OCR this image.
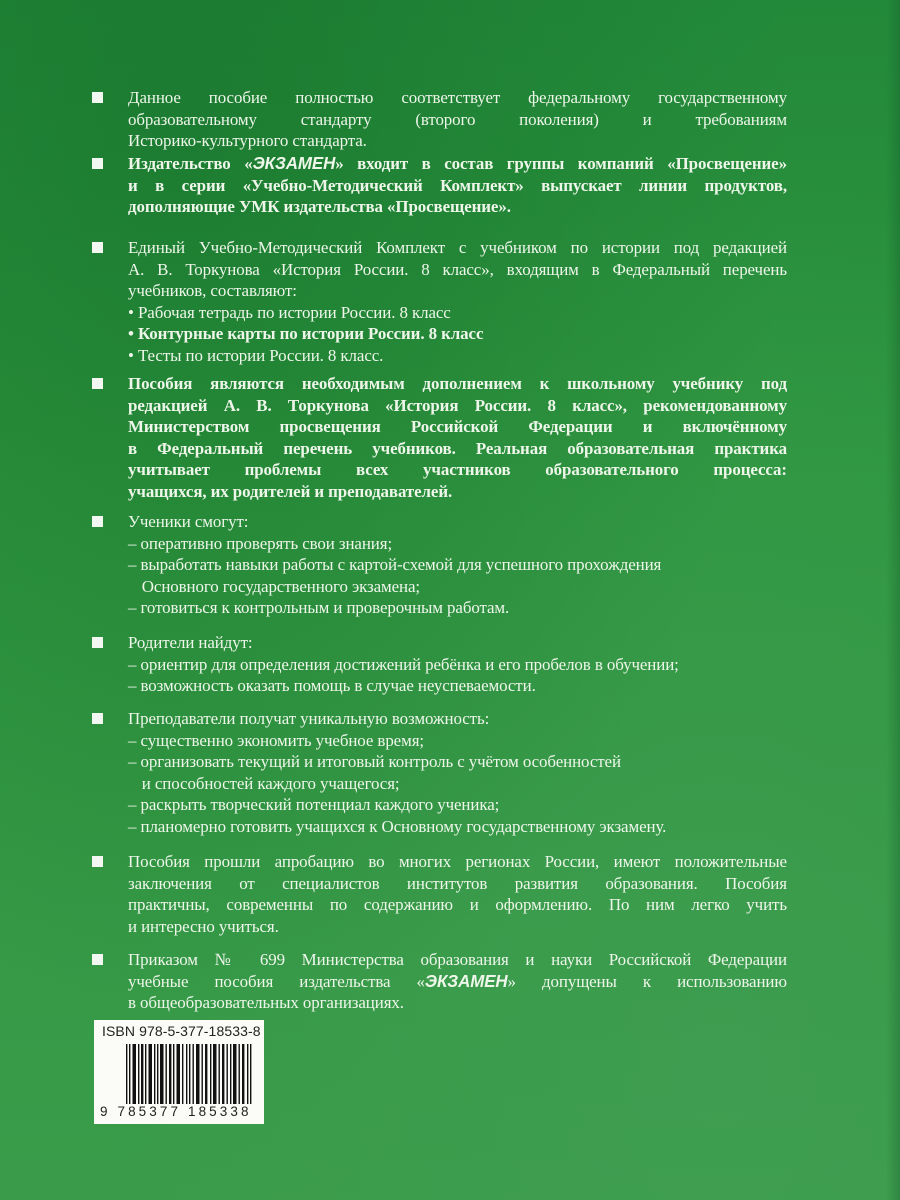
Данное пособие полностью соответствует федеральному государственному

образовательному стандарту (второго поколения) и требованиям

Историко-культурного стандарта.

Издательство «ЭКЗАМЕН» входит в состав группы компаний «Просвещение»

и в серии «Учебно-Методический Комплект» выпускает линии продуктов,

дополняющие УМК издательства «Просвещение».

Единый Учебно-Методический Комплект с учебником по истории под редакцией

А. В. Торкунова «История России. 8 класс», входящим в Федеральный перечень

учебников, составляют:

• Рабочая тетрадь по истории России. 8 класс

• Контурные карты по истории России. 8 класс

• Тесты по истории России. 8 класс.

Пособия являются необходимым дополнением к школьному учебнику под

редакцией А. В. Торкунова «История России. 8 класс», рекомендованному

Министерством просвещения Российской Федерации и включённому

в Федеральный перечень учебников. Реальная образовательная практика

учитывает проблемы всех участников образовательного процесса:

учащихся, их родителей и преподавателей.

Ученики смогут:

– оперативно проверять свои знания;

– выработать навыки работы с картой-схемой для успешного прохождения

Основного государственного экзамена;

– готовиться к контрольным и проверочным работам.

Родители найдут:

– ориентир для определения достижений ребёнка и его пробелов в обучении;

– возможность оказать помощь в случае неуспеваемости.

Преподаватели получат уникальную возможность:

– существенно экономить учебное время;

– организовать текущий и итоговый контроль с учётом особенностей

и способностей каждого учащегося;

– раскрыть творческий потенциал каждого ученика;

– планомерно готовить учащихся к Основному государственному экзамену.

Пособия прошли апробацию во многих регионах России, имеют положительные

заключения от специалистов институтов развития образования. Пособия

практичны, современны по содержанию и оформлению. По ним легко учить

и интересно учиться.

Приказом № 699 Министерства образования и науки Российской Федерации

учебные пособия издательства «ЭКЗАМЕН» допущены к использованию

в общеобразовательных организациях.

ISBN 978-5-377-18533-8
9 785377 185338
